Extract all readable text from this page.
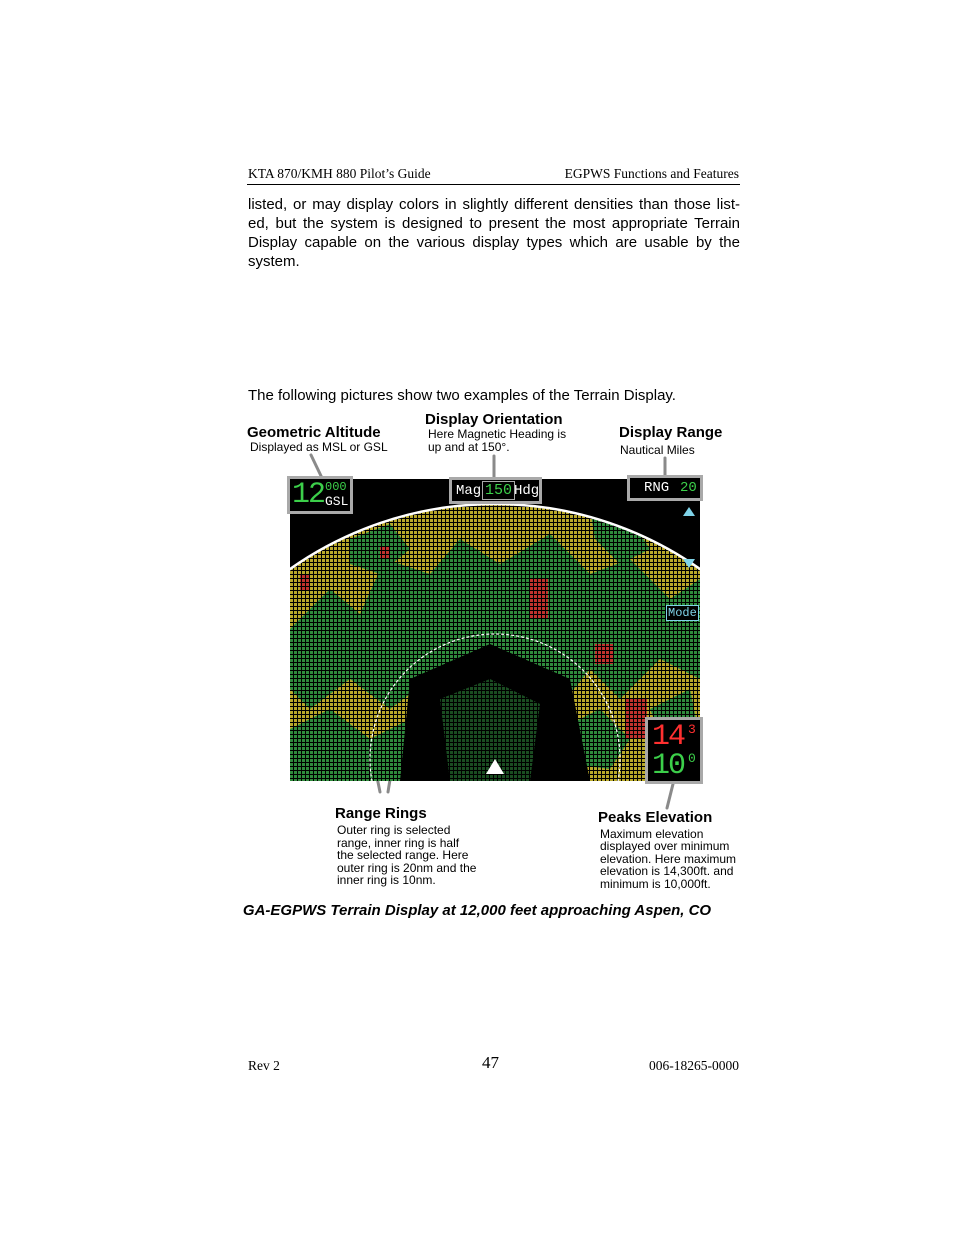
KTA 870/KMH 880 Pilot’s Guide	EGPWS Functions and Features
listed, or may display colors in slightly different densities than those list-ed, but the system is designed to present the most appropriate Terrain Display capable on the various display types which are usable by the system.
The following pictures show two examples of the Terrain Display.
Display Orientation
Here Magnetic Heading is
up and at 150°.
Geometric Altitude
Displayed as MSL or GSL
Display Range
Nautical Miles
12 000
GSL
Mag 150 Hdg	RNG 20
Mode
14 3
10 0
Range Rings
Outer ring is selected
range, inner ring is half
the selected range. Here
outer ring is 20nm and the
inner ring is 10nm.
Peaks Elevation
Maximum elevation
displayed over minimum
elevation. Here maximum
elevation is 14,300ft. and
minimum is 10,000ft.
GA-EGPWS Terrain Display at 12,000 feet approaching Aspen, CO
Rev 2	47	006-18265-0000
